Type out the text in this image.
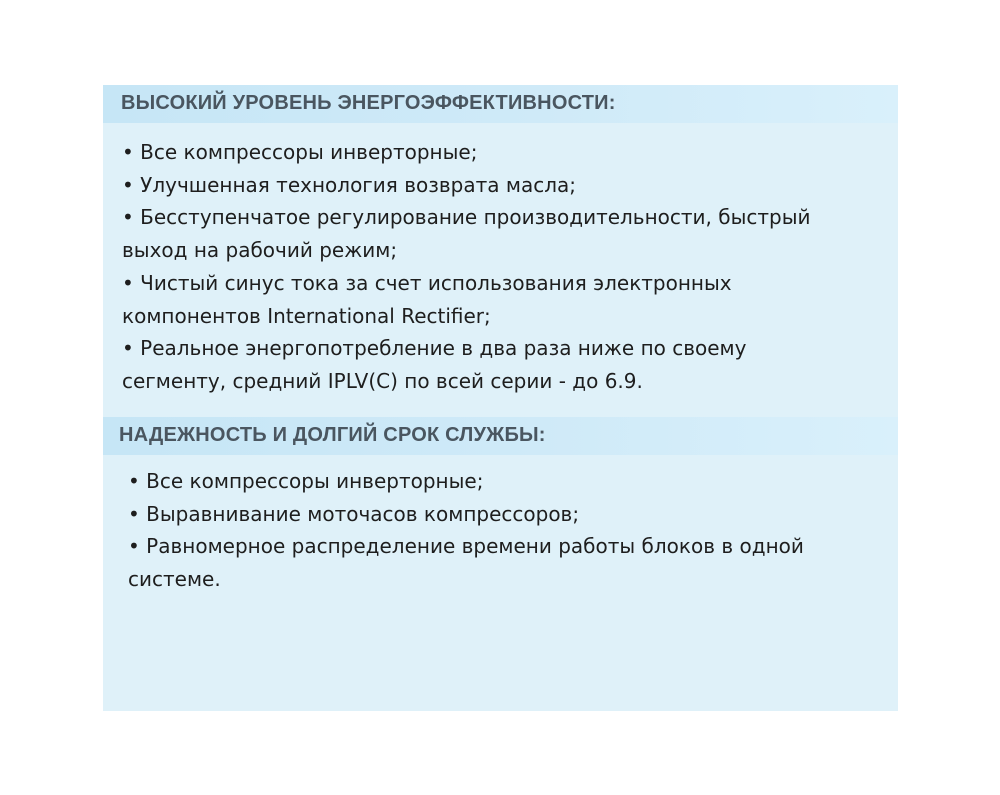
ВЫСОКИЙ УРОВЕНЬ ЭНЕРГОЭФФЕКТИВНОСТИ:
• Все компрессоры инверторные;
• Улучшенная технология возврата масла;
• Бесступенчатое регулирование производительности, быстрый выход на рабочий режим;
• Чистый синус тока за счет использования электронных компонентов International Rectifier;
• Реальное энергопотребление в два раза ниже по своему сегменту, средний IPLV(C) по всей серии - до 6.9.
НАДЕЖНОСТЬ И ДОЛГИЙ СРОК СЛУЖБЫ:
• Все компрессоры инверторные;
• Выравнивание моточасов компрессоров;
• Равномерное распределение времени работы блоков в одной системе.
